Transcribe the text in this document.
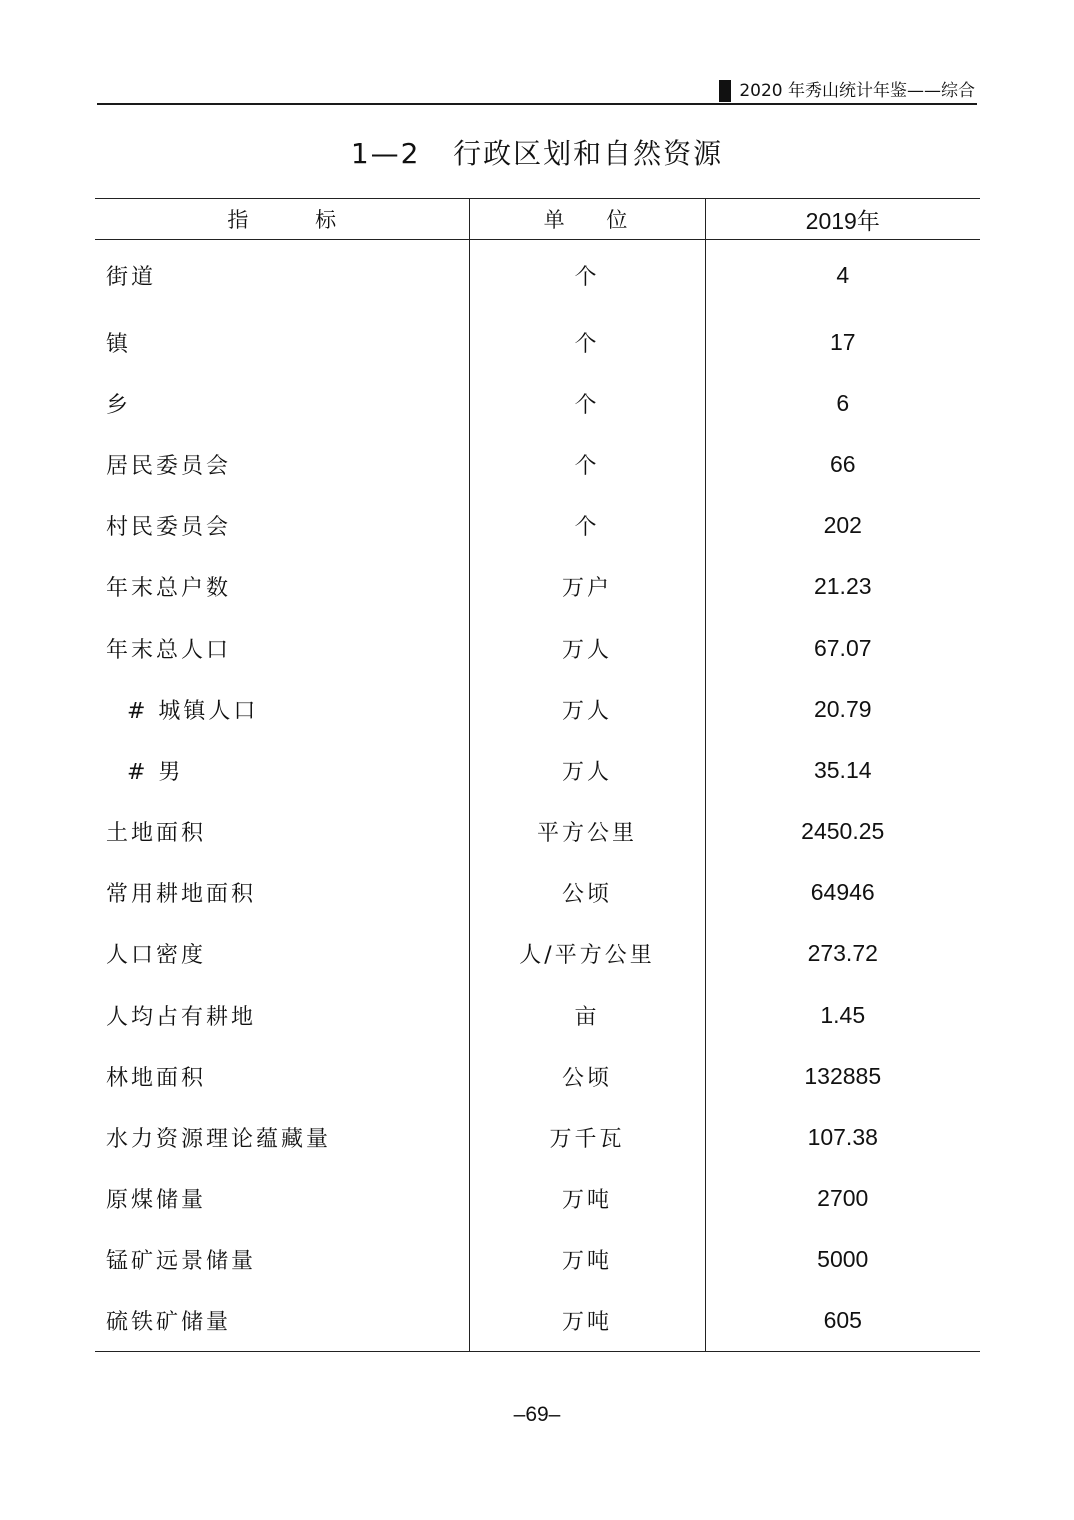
2020 年秀山统计年鉴——综合
1—2   行政区划和自然资源
指          标	单    位	2019年
街道	个	4
镇	个	17
乡	个	6
居民委员会	个	66
村民委员会	个	202
年末总户数	万户	21.23
年末总人口	万人	67.07
# 城镇人口	万人	20.79
# 男	万人	35.14
土地面积	平方公里	2450.25
常用耕地面积	公顷	64946
人口密度	人/平方公里	273.72
人均占有耕地	亩	1.45
林地面积	公顷	132885
水力资源理论蕴藏量	万千瓦	107.38
原煤储量	万吨	2700
锰矿远景储量	万吨	5000
硫铁矿储量	万吨	605
–69–
